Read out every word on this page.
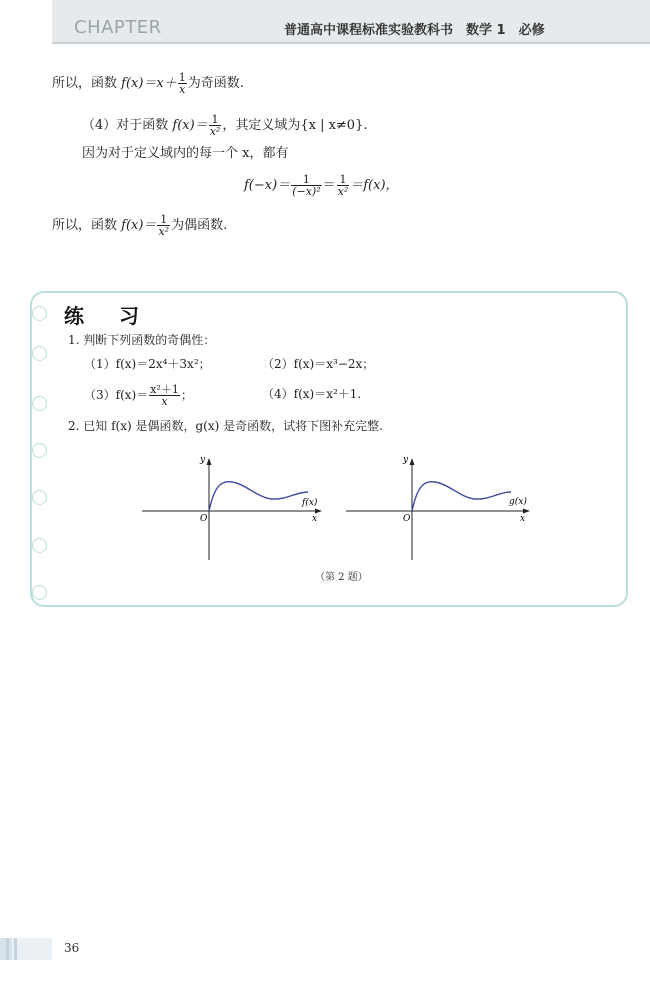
CHAPTER	普通高中课程标准实验教科书　数学 1　必修
所以，函数 $f(x)=x+ \frac{1}{x}$ 为奇函数.
（4）对于函数 $f(x)= \frac{1}{\text{x²}}$ ，其定义域为{x | x≠0}.
因为对于定义域内的每一个 x，都有
$f(-x)= \frac{1}{\text{(−x)²}} = \frac{1}{\text{x²}} =f(x)$，
所以，函数 $f(x)= \frac{1}{\text{x²}}$ 为偶函数.
练 习
1. 判断下列函数的奇偶性：
（1）f(x)＝2x⁴＋3x²；	（2）f(x)＝x³−2x；
$(3)f(x)= \frac{\text{x²＋1}}{x}$ ；	（4）f(x)＝x²＋1.
2. 已知 f(x) 是偶函数，g(x) 是奇函数，试将下图补充完整.
y
x
O
f(x)
y
x
O
g(x)
（第 2 题）
36
